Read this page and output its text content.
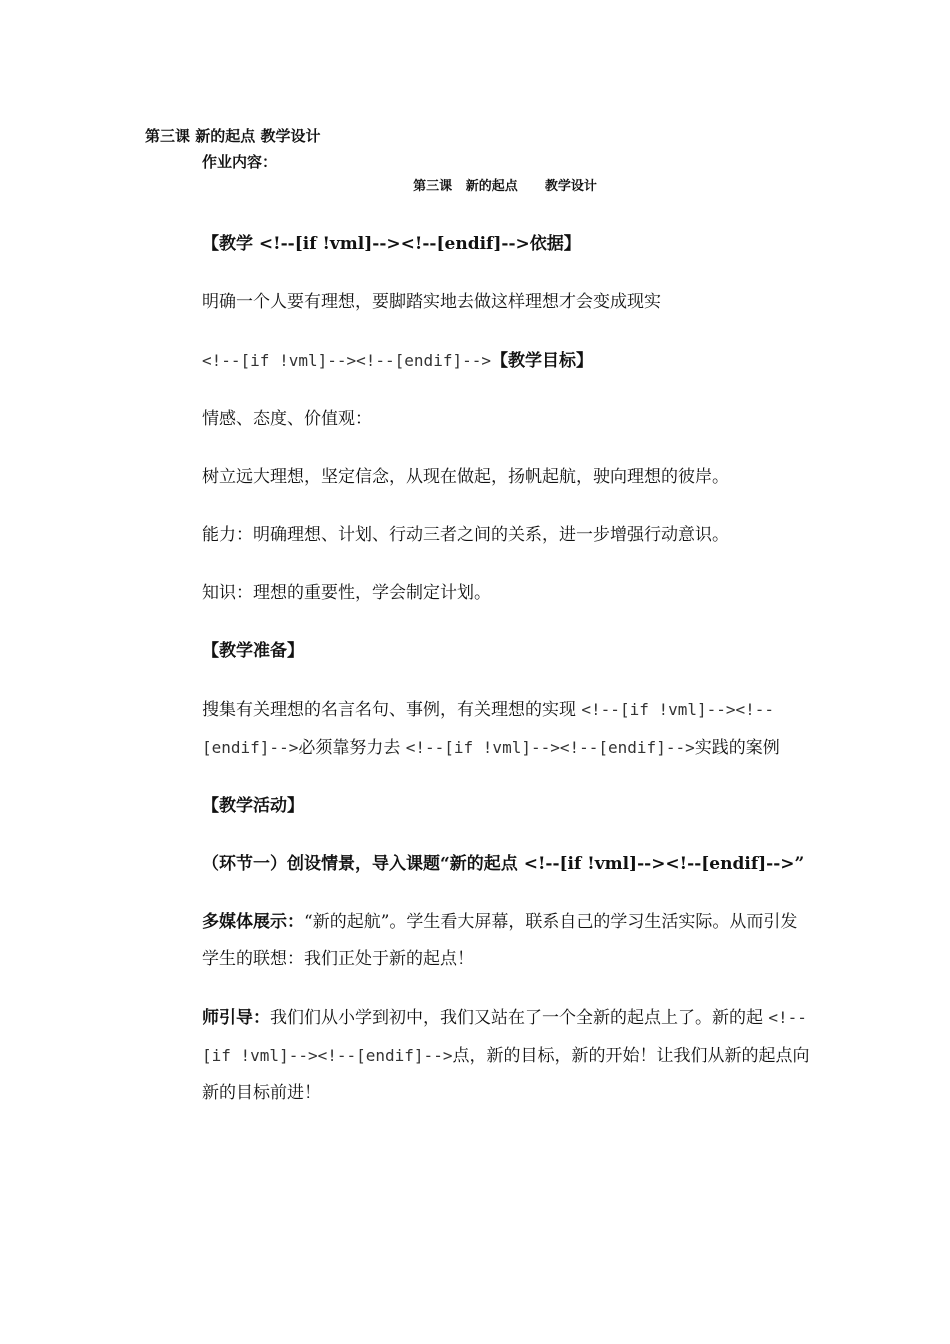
第三课 新的起点 教学设计
作业内容：
第三课   新的起点      教学设计

【教学 <!--[if !vml]--><!--[endif]-->依据】

明确一个人要有理想，要脚踏实地去做这样理想才会变成现实

<!--[if !vml]--><!--[endif]-->【教学目标】

情感、态度、价值观：

树立远大理想，坚定信念，从现在做起，扬帆起航，驶向理想的彼岸。

能力：明确理想、计划、行动三者之间的关系，进一步增强行动意识。

知识：理想的重要性，学会制定计划。

【教学准备】

搜集有关理想的名言名句、事例，有关理想的实现 <!--[if !vml]--><!--[endif]-->必须靠努力去 <!--[if !vml]--><!--[endif]-->实践的案例

【教学活动】

（环节一）创设情景，导入课题“新的起点 <!--[if !vml]--><!--[endif]-->”

多媒体展示：“新的起航”。学生看大屏幕，联系自己的学习生活实际。从而引发学生的联想：我们正处于新的起点！

师引导：我们们从小学到初中，我们又站在了一个全新的起点上了。新的起 <!--[if !vml]--><!--[endif]-->点，新的目标，新的开始！让我们从新的起点向新的目标前进！
